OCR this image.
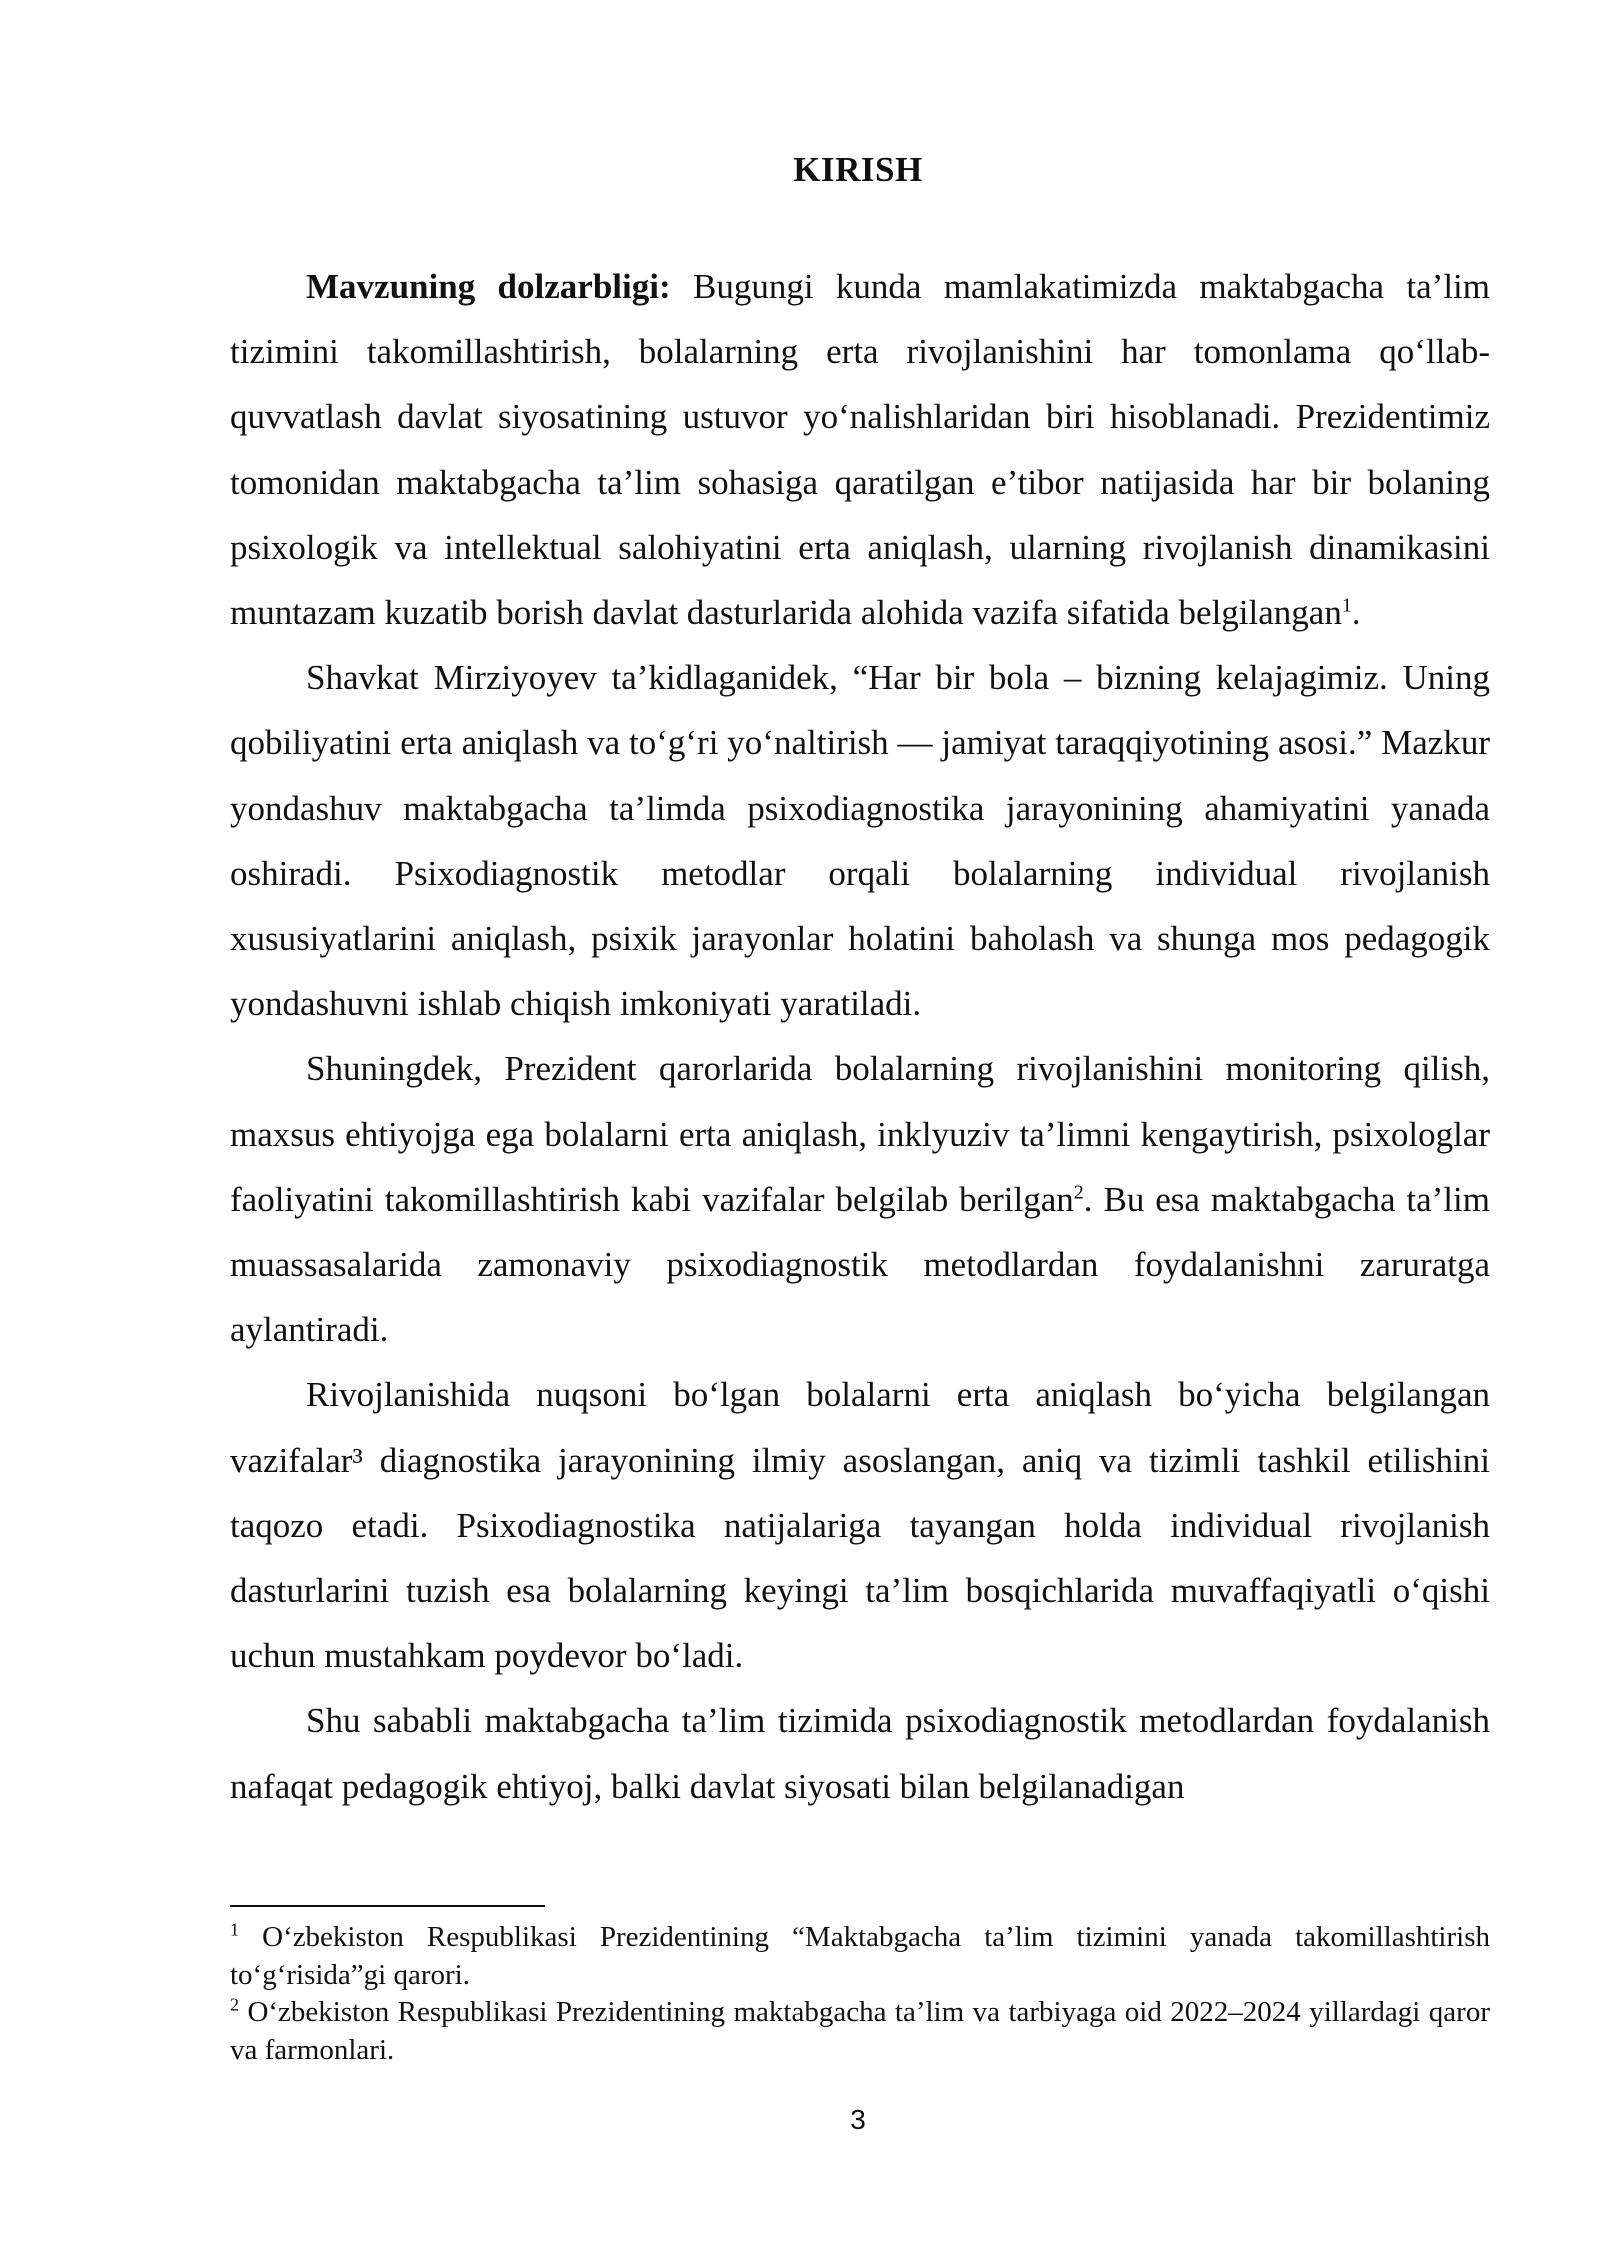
KIRISH

Mavzuning dolzarbligi: Bugungi kunda mamlakatimizda maktabgacha ta’lim tizimini takomillashtirish, bolalarning erta rivojlanishini har tomonlama qo‘llab-quvvatlash davlat siyosatining ustuvor yo‘nalishlaridan biri hisoblanadi. Prezidentimiz tomonidan maktabgacha ta’lim sohasiga qaratilgan e’tibor natijasida har bir bolaning psixologik va intellektual salohiyatini erta aniqlash, ularning rivojlanish dinamikasini muntazam kuzatib borish davlat dasturlarida alohida vazifa sifatida belgilangan$^1$.

Shavkat Mirziyoyev ta’kidlaganidek, “Har bir bola – bizning kelajagimiz. Uning qobiliyatini erta aniqlash va to‘g‘ri yo‘naltirish — jamiyat taraqqiyotining asosi.” Mazkur yondashuv maktabgacha ta’limda psixodiagnostika jarayonining ahamiyatini yanada oshiradi. Psixodiagnostik metodlar orqali bolalarning individual rivojlanish xususiyatlarini aniqlash, psixik jarayonlar holatini baholash va shunga mos pedagogik yondashuvni ishlab chiqish imkoniyati yaratiladi.

Shuningdek, Prezident qarorlarida bolalarning rivojlanishini monitoring qilish, maxsus ehtiyojga ega bolalarni erta aniqlash, inklyuziv ta’limni kengaytirish, psixologlar faoliyatini takomillashtirish kabi vazifalar belgilab berilgan$^2$. Bu esa maktabgacha ta’lim muassasalarida zamonaviy psixodiagnostik metodlardan foydalanishni zaruratga aylantiradi.

Rivojlanishida nuqsoni bo‘lgan bolalarni erta aniqlash bo‘yicha belgilangan vazifalar³ diagnostika jarayonining ilmiy asoslangan, aniq va tizimli tashkil etilishini taqozo etadi. Psixodiagnostika natijalariga tayangan holda individual rivojlanish dasturlarini tuzish esa bolalarning keyingi ta’lim bosqichlarida muvaffaqiyatli o‘qishi uchun mustahkam poydevor bo‘ladi.

Shu sababli maktabgacha ta’lim tizimida psixodiagnostik metodlardan foydalanish nafaqat pedagogik ehtiyoj, balki davlat siyosati bilan belgilanadigan

$^1$ O‘zbekiston Respublikasi Prezidentining “Maktabgacha ta’lim tizimini yanada takomillashtirish to‘g‘risida”gi qarori.

$^2$ O‘zbekiston Respublikasi Prezidentining maktabgacha ta’lim va tarbiyaga oid 2022–2024 yillardagi qaror va farmonlari.

3
